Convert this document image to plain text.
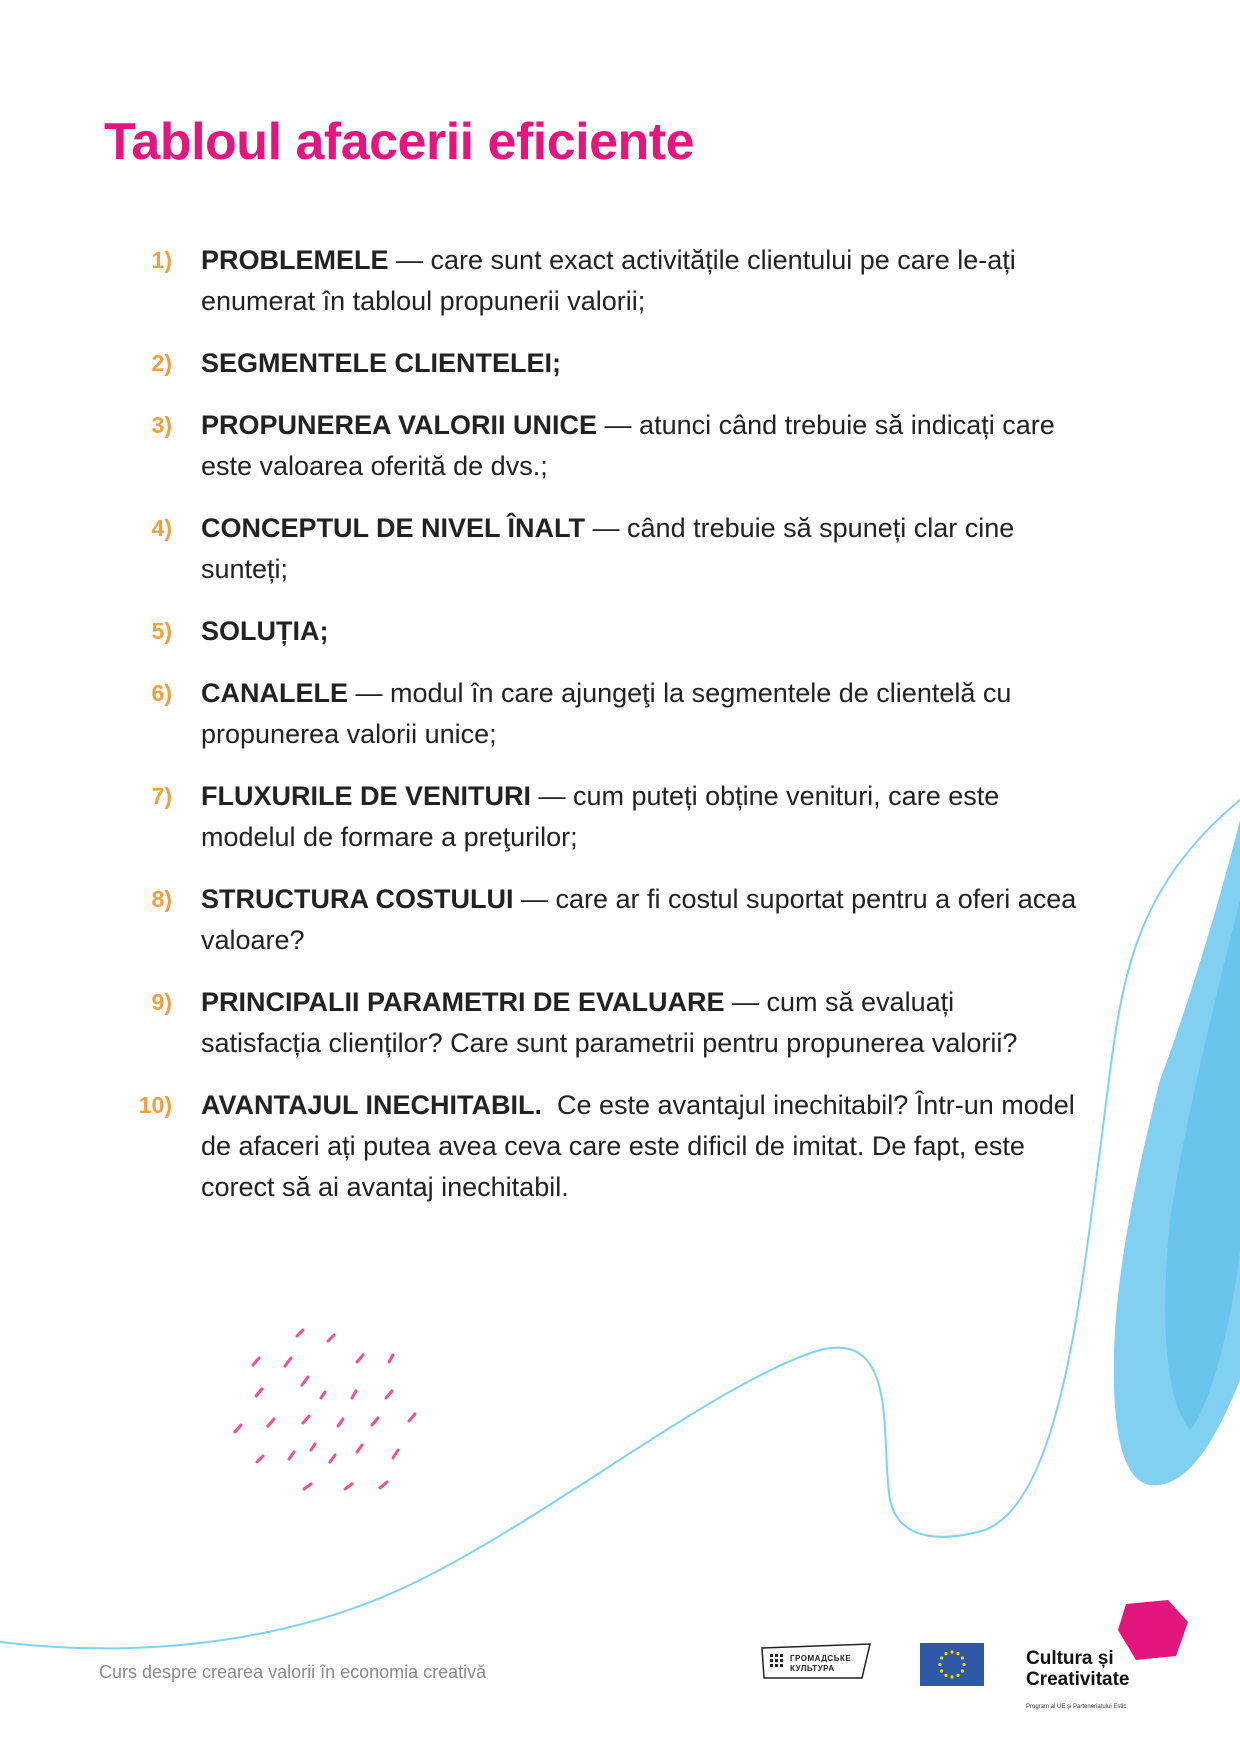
Tabloul afacerii eficiente
1) PROBLEMELE — care sunt exact activitățile clientului pe care le-ați enumerat în tabloul propunerii valorii;
2) SEGMENTELE CLIENTELEI;
3) PROPUNEREA VALORII UNICE — atunci când trebuie să indicați care este valoarea oferită de dvs.;
4) CONCEPTUL DE NIVEL ÎNALT — când trebuie să spuneți clar cine sunteți;
5) SOLUȚIA;
6) CANALELE — modul în care ajungeţi la segmentele de clientelă cu propunerea valorii unice;
7) FLUXURILE DE VENITURI — cum puteți obține venituri, care este modelul de formare a preţurilor;
8) STRUCTURA COSTULUI — care ar fi costul suportat pentru a oferi acea valoare?
9) PRINCIPALII PARAMETRI DE EVALUARE — cum să evaluați satisfacția clienților? Care sunt parametrii pentru propunerea valorii?
10) AVANTAJUL INECHITABIL.  Ce este avantajul inechitabil? Într-un model de afaceri ați putea avea ceva care este dificil de imitat. De fapt, este corect să ai avantaj inechitabil.
Curs despre crearea valorii în economia creativă
ГРОМАДСЬКЕ КУЛЬТУРА	Cultura și Creativitate
Program al UE și Parteneriatului Estic
